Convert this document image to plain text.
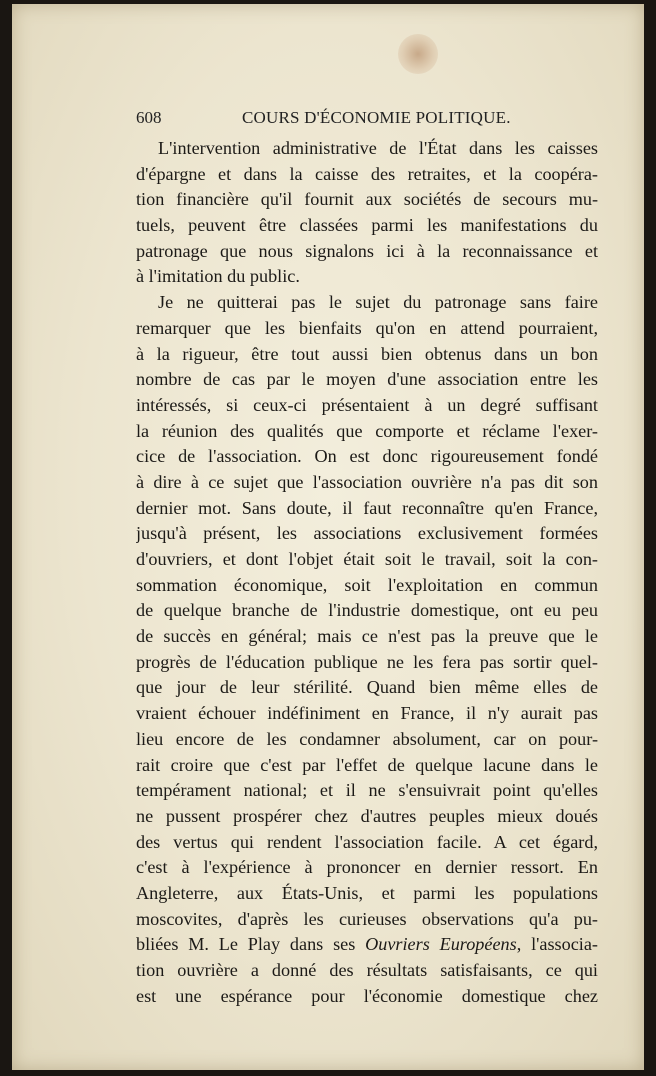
608	COURS D'ÉCONOMIE POLITIQUE.

L'intervention administrative de l'État dans les caisses
d'épargne et dans la caisse des retraites, et la coopéra-
tion financière qu'il fournit aux sociétés de secours mu-
tuels, peuvent être classées parmi les manifestations du
patronage que nous signalons ici à la reconnaissance et
à l'imitation du public.

Je ne quitterai pas le sujet du patronage sans faire
remarquer que les bienfaits qu'on en attend pourraient,
à la rigueur, être tout aussi bien obtenus dans un bon
nombre de cas par le moyen d'une association entre les
intéressés, si ceux-ci présentaient à un degré suffisant
la réunion des qualités que comporte et réclame l'exer-
cice de l'association. On est donc rigoureusement fondé
à dire à ce sujet que l'association ouvrière n'a pas dit son
dernier mot. Sans doute, il faut reconnaître qu'en France,
jusqu'à présent, les associations exclusivement formées
d'ouvriers, et dont l'objet était soit le travail, soit la con-
sommation économique, soit l'exploitation en commun
de quelque branche de l'industrie domestique, ont eu peu
de succès en général; mais ce n'est pas la preuve que le
progrès de l'éducation publique ne les fera pas sortir quel-
que jour de leur stérilité. Quand bien même elles de
vraient échouer indéfiniment en France, il n'y aurait pas
lieu encore de les condamner absolument, car on pour-
rait croire que c'est par l'effet de quelque lacune dans le
tempérament national; et il ne s'ensuivrait point qu'elles
ne pussent prospérer chez d'autres peuples mieux doués
des vertus qui rendent l'association facile. A cet égard,
c'est à l'expérience à prononcer en dernier ressort. En
Angleterre, aux États-Unis, et parmi les populations
moscovites, d'après les curieuses observations qu'a pu-
bliées M. Le Play dans ses Ouvriers Européens, l'associa-
tion ouvrière a donné des résultats satisfaisants, ce qui
est une espérance pour l'économie domestique chez
